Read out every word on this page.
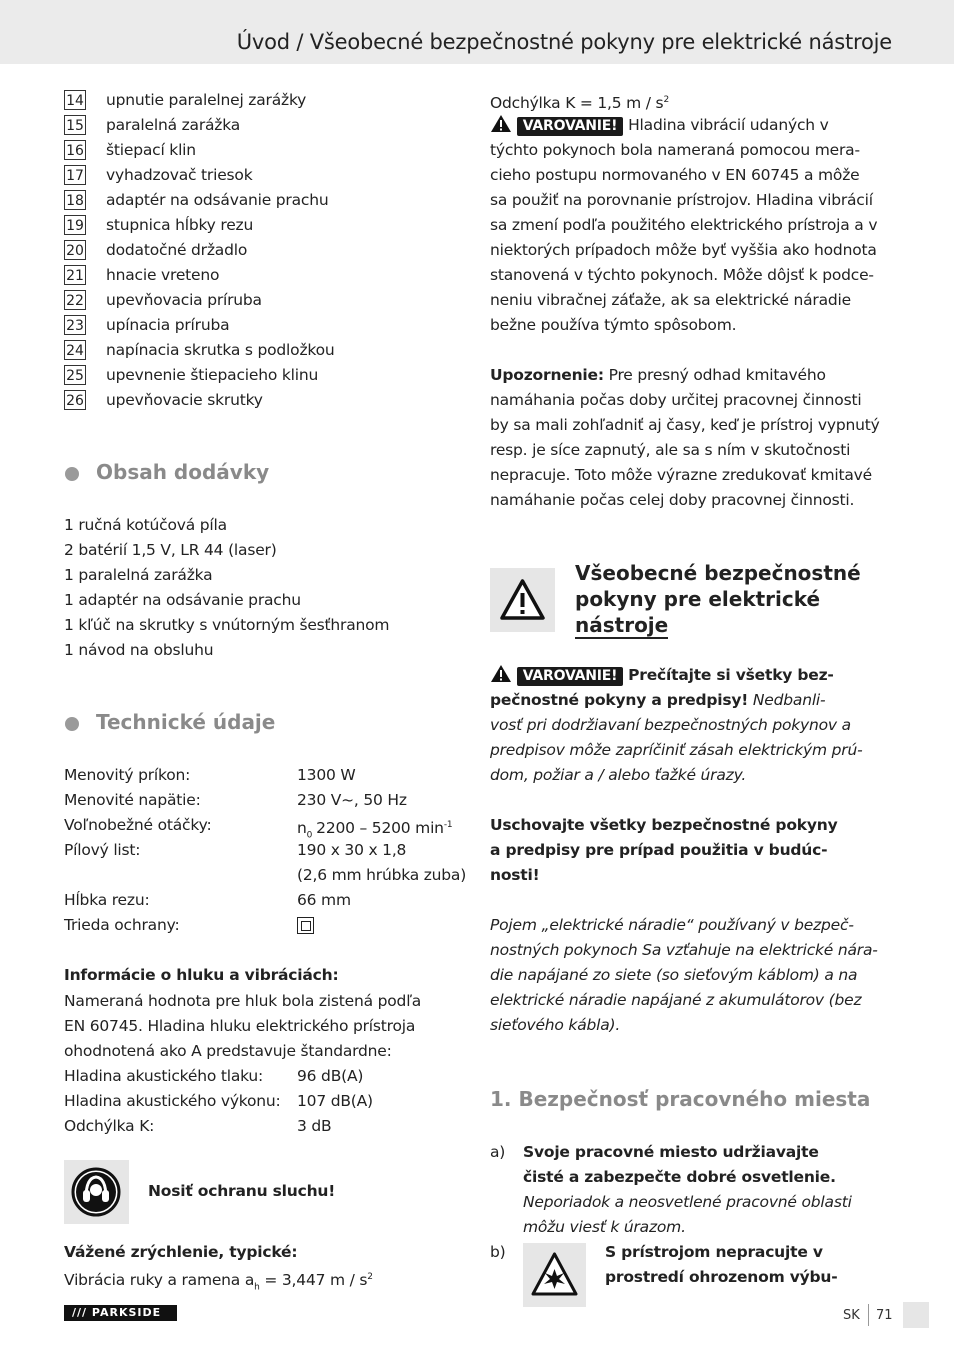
Úvod / Všeobecné bezpečnostné pokyny pre elektrické nástroje
14 upnutie paralelnej zarážky
15 paralelná zarážka
16 štiepací klin
17 vyhadzovač triesok
18 adaptér na odsávanie prachu
19 stupnica hĺbky rezu
20 dodatočné držadlo
21 hnacie vreteno
22 upevňovacia príruba
23 upínacia príruba
24 napínacia skrutka s podložkou
25 upevnenie štiepacieho klinu
26 upevňovacie skrutky
Obsah dodávky
1 ručná kotúčová píla
2 batérií 1,5 V, LR 44 (laser)
1 paralelná zarážka
1 adaptér na odsávanie prachu
1 kľúč na skrutky s vnútorným šesťhranom
1 návod na obsluhu
Technické údaje
Menovitý príkon:	1300 W
Menovité napätie:	230 V~, 50 Hz
Voľnobežné otáčky:	$n_0$ 2200 – 5200 $\min^{-1}$
Pílový list:	190 x 30 x 1,8
(2,6 mm hrúbka zuba)
Hĺbka rezu:	66 mm
Trieda ochrany:
Informácie o hluku a vibráciách:
Nameraná hodnota pre hluk bola zistená podľa
EN 60745. Hladina hluku elektrického prístroja
ohodnotená ako A predstavuje štandardne:
Hladina akustického tlaku: 96 dB(A)
Hladina akustického výkonu: 107 dB(A)
Odchýlka K:	3 dB
Nosiť ochranu sluchu!
Vážené zrýchlenie, typické:
Vibrácia ruky a ramena $a_h = 3,447$ m / $s^2$
Odchýlka K = 1,5 m / $s^2$
VAROVANIE! Hladina vibrácií udaných v
týchto pokynoch bola nameraná pomocou mera-
cieho postupu normovaného v EN 60745 a môže
sa použiť na porovnanie prístrojov. Hladina vibrácií
sa zmení podľa použitého elektrického prístroja a v
niektorých prípadoch môže byť vyššia ako hodnota
stanovená v týchto pokynoch. Môže dôjsť k podce-
neniu vibračnej záťaže, ak sa elektrické náradie
bežne používa týmto spôsobom.
Upozornenie: Pre presný odhad kmitavého
namáhania počas doby určitej pracovnej činnosti
by sa mali zohľadniť aj časy, keď je prístroj vypnutý
resp. je síce zapnutý, ale sa s ním v skutočnosti
nepracuje. Toto môže výrazne zredukovať kmitavé
namáhanie počas celej doby pracovnej činnosti.
Všeobecné bezpečnostné
pokyny pre elektrické
nástroje
VAROVANIE! Prečítajte si všetky bez-
pečnostné pokyny a predpisy! Nedbanli-
vosť pri dodržiavaní bezpečnostných pokynov a
predpisov môže zapríčiniť zásah elektrickým prú-
dom, požiar a / alebo ťažké úrazy.
Uschovajte všetky bezpečnostné pokyny
a predpisy pre prípad použitia v budúc-
nosti!
Pojem „elektrické náradie“ používaný v bezpeč-
nostných pokynoch Sa vzťahuje na elektrické nára-
die napájané zo siete (so sieťovým káblom) a na
elektrické náradie napájané z akumulátorov (bez
sieťového kábla).
1. Bezpečnosť pracovného miesta
a) Svoje pracovné miesto udržiavajte
čisté a zabezpečte dobré osvetlenie.
Neporiadok a neosvetlené pracovné oblasti
môžu viesť k úrazom.
b)	S prístrojom nepracujte v
prostredí ohrozenom výbu-
/// PARKSIDE	SK 71
